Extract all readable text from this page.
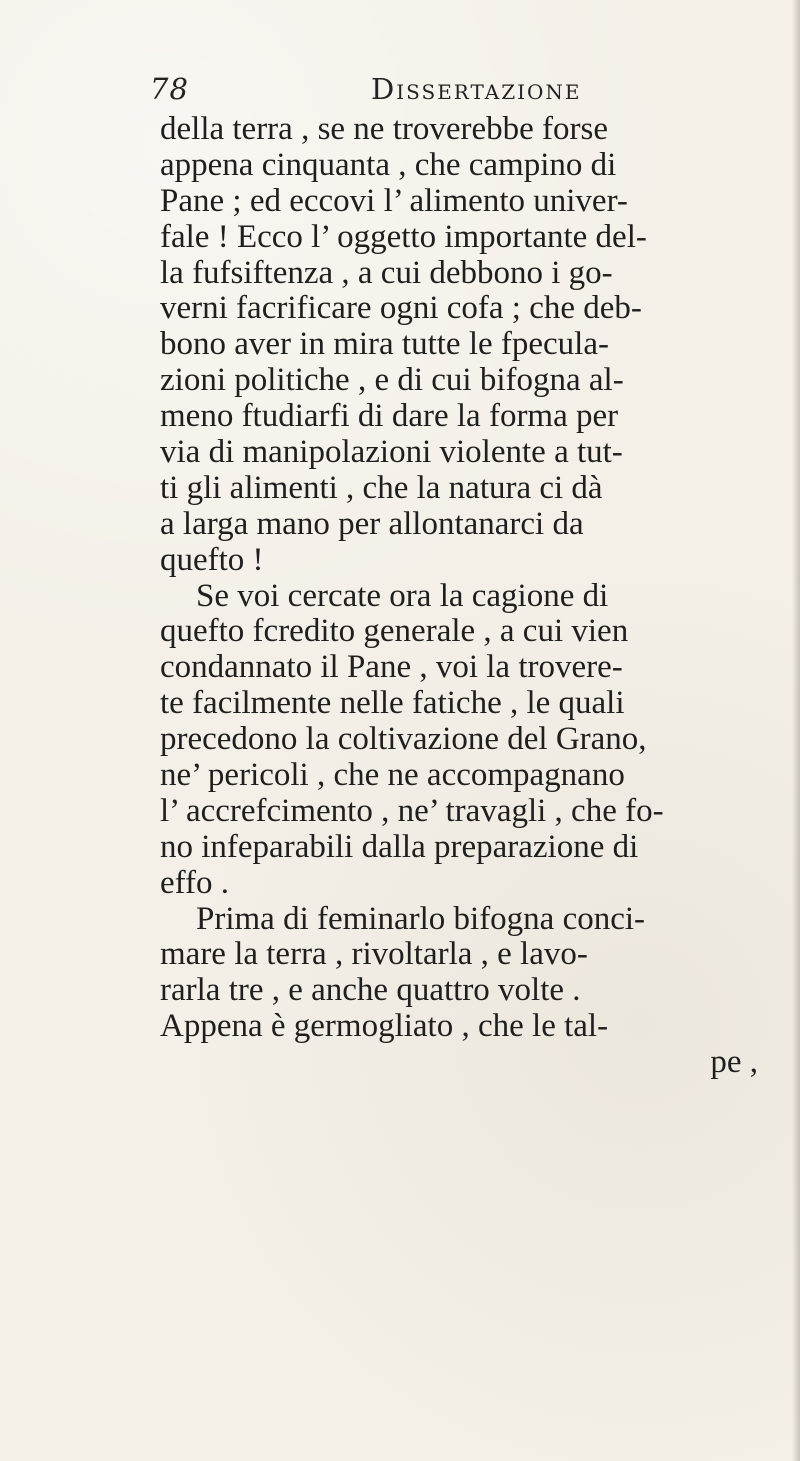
78	Dissertazione
della terra , se ne troverebbe forse
appena cinquanta , che campino di
Pane ; ed eccovi l’ alimento univer-
fale ! Ecco l’ oggetto importante del-
la fufsiftenza , a cui debbono i go-
verni facrificare ogni cofa ; che deb-
bono aver in mira tutte le fpecula-
zioni politiche , e di cui bifogna al-
meno ftudiarfi di dare la forma per
via di manipolazioni violente a tut-
ti gli alimenti , che la natura ci dà
a larga mano per allontanarci da
quefto !
Se voi cercate ora la cagione di
quefto fcredito generale , a cui vien
condannato il Pane , voi la trovere-
te facilmente nelle fatiche , le quali
precedono la coltivazione del Grano,
ne’ pericoli , che ne accompagnano
l’ accrefcimento , ne’ travagli , che fo-
no infeparabili dalla preparazione di
effo .
Prima di feminarlo bifogna conci-
mare la terra , rivoltarla , e lavo-
rarla tre , e anche quattro volte .
Appena è germogliato , che le tal-
pe ,
